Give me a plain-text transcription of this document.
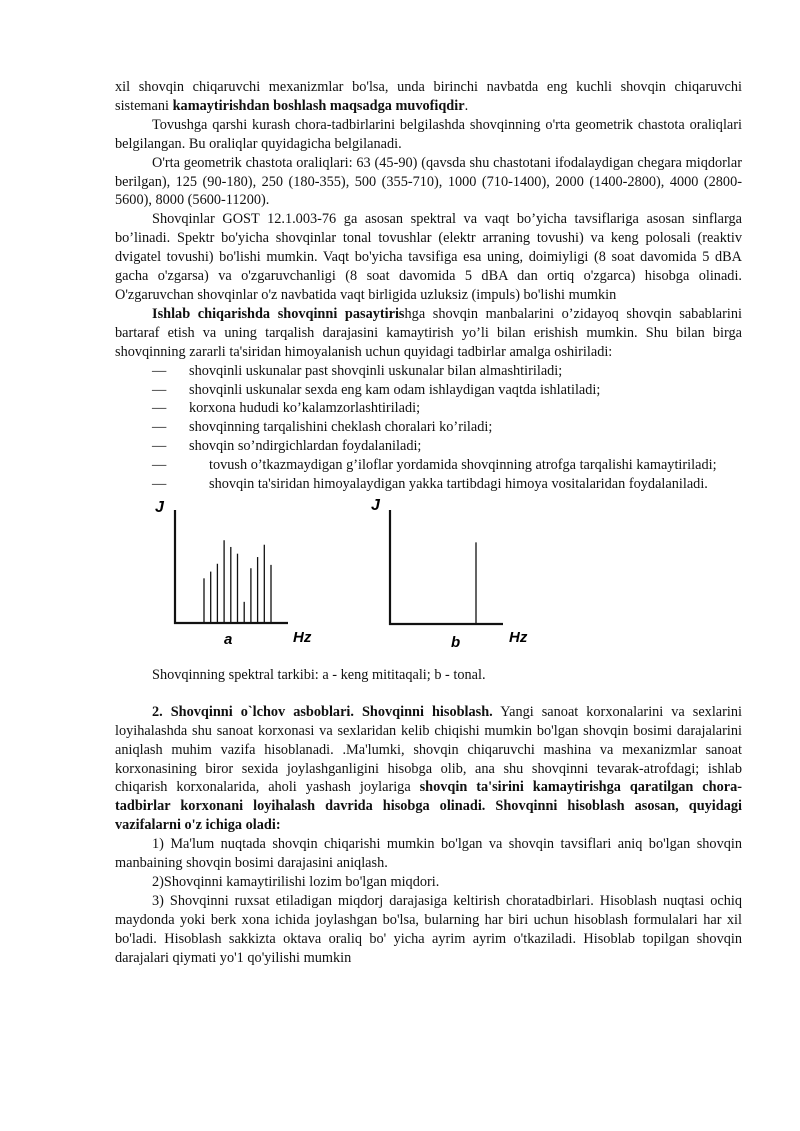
xil shovqin chiqaruvchi mexanizmlar bo'lsa, unda birinchi navbatda eng kuchli shovqin chiqaruvchi sistemani kamaytirishdan boshlash maqsadga muvofiqdir.

Tovushga qarshi kurash chora-tadbirlarini belgilashda shovqinning o'rta geometrik chastota oraliqlari belgilangan. Bu oraliqlar quyidagicha belgilanadi.

O'rta geometrik chastota oraliqlari: 63 (45-90) (qavsda shu chastotani ifodalaydigan chegara miqdorlar berilgan), 125 (90-180), 250 (180-355), 500 (355-710), 1000 (710-1400), 2000 (1400-2800), 4000 (2800-5600), 8000 (5600-11200).

Shovqinlar GOST 12.1.003-76 ga asosan spektral va vaqt bo’yicha tavsiflariga asosan sinflarga bo’linadi. Spektr bo'yicha shovqinlar tonal tovushlar (elektr arraning tovushi) va keng polosali (reaktiv dvigatel tovushi) bo'lishi mumkin. Vaqt bo'yicha tavsifiga esa uning, doimiyligi (8 soat davomida 5 dBA gacha o'zgarsa) va o'zgaruvchanligi (8 soat davomida 5 dBA dan ortiq o'zgarca) hisobga olinadi. O'zgaruvchan shovqinlar o'z navbatida vaqt birligida uzluksiz (impuls) bo'lishi mumkin

Ishlab chiqarishda shovqinni pasaytirishga shovqin manbalarini o’zidayoq shovqin sabablarini bartaraf etish va uning tarqalish darajasini kamaytirish yo’li bilan erishish mumkin. Shu bilan birga shovqinning zararli ta'siridan himoyalanish uchun quyidagi tadbirlar amalga oshiriladi:

—	shovqinli uskunalar past shovqinli uskunalar bilan almashtiriladi;
—	shovqinli uskunalar sexda eng kam odam ishlaydigan vaqtda ishlatiladi;
—	korxona hududi ko’kalamzorlashtiriladi;
—	shovqinning tarqalishini cheklash choralari ko’riladi;
—	shovqin so’ndirgichlardan foydalaniladi;

—	tovush o’tkazmaydigan g’iloflar yordamida shovqinning atrofga tarqalishi kamaytiriladi;

—	shovqin ta'siridan himoyalaydigan yakka tartibdagi himoya vositalaridan foydalaniladi.

J
a	Hz
J
b	Hz

Shovqinning spektral tarkibi: a - keng mititaqali; b - tonal.

2. Shovqinni o`lchov asboblari. Shovqinni hisoblash. Yangi sanoat korxonalarini va sexlarini loyihalashda shu sanoat korxonasi va sexlaridan kelib chiqishi mumkin bo'lgan shovqin bosimi darajalarini aniqlash muhim vazifa hisoblanadi. .Ma'lumki, shovqin chiqaruvchi mashina va mexanizmlar sanoat korxonasining biror sexida joylashganligini hisobga olib, ana shu shovqinni tevarak-atrofdagi; ishlab chiqarish korxonalarida, aholi yashash joylariga shovqin ta'sirini kamaytirishga qaratilgan chora-tadbirlar korxonani loyihalash davrida hisobga olinadi. Shovqinni hisoblash asosan, quyidagi vazifalarni o'z ichiga oladi:

1) Ma'lum nuqtada shovqin chiqarishi mumkin bo'lgan va shovqin tavsiflari aniq bo'lgan shovqin manbaining shovqin bosimi darajasini aniqlash.

2)Shovqinni kamaytirilishi lozim bo'lgan miqdori.

3) Shovqinni ruxsat etiladigan miqdorj darajasiga keltirish choratadbirlari. Hisoblash nuqtasi ochiq maydonda yoki berk xona ichida joylashgan bo'lsa, bularning har biri uchun hisoblash formulalari har xil bo'ladi. Hisoblash sakkizta oktava oraliq bo' yicha ayrim ayrim o'tkaziladi. Hisoblab topilgan shovqin darajalari qiymati yo'1 qo'yilishi mumkin
